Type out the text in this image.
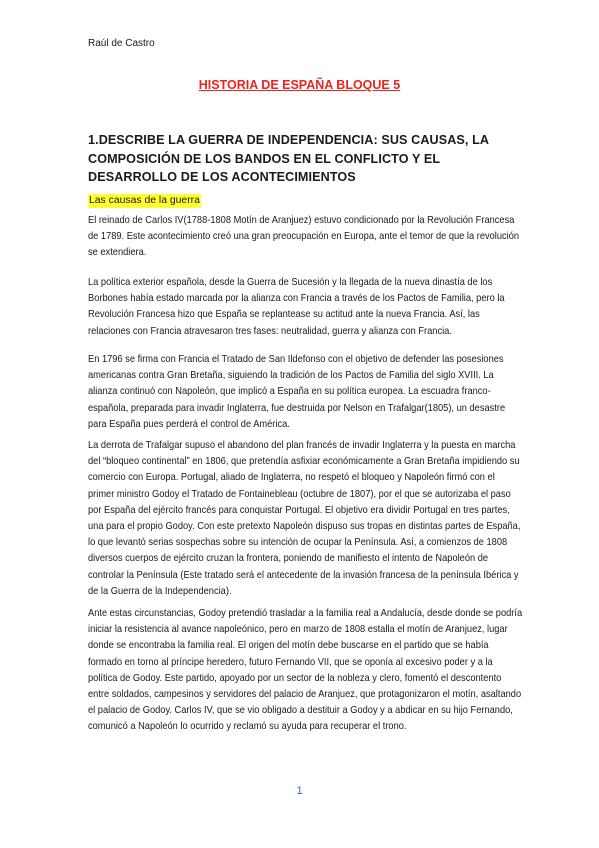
Raúl de Castro
HISTORIA DE ESPAÑA BLOQUE 5
1.DESCRIBE LA GUERRA DE INDEPENDENCIA: SUS CAUSAS, LA COMPOSICIÓN DE LOS BANDOS EN EL CONFLICTO Y EL DESARROLLO DE LOS ACONTECIMIENTOS
Las causas de la guerra

El reinado de Carlos IV(1788-1808 Motín de Aranjuez) estuvo condicionado por la Revolución Francesa de 1789. Este acontecimiento creó una gran preocupación en Europa, ante el temor de que la revolución se extendiera.

La política exterior española, desde la Guerra de Sucesión y la llegada de la nueva dinastía de los Borbones había estado marcada por la alianza con Francia a través de los Pactos de Familia, pero la Revolución Francesa hizo que España se replantease su actitud ante la nueva Francia. Así, las relaciones con Francia atravesaron tres fases: neutralidad, guerra y alianza con Francia.

En 1796 se firma con Francia el Tratado de San Ildefonso con el objetivo de defender las posesiones americanas contra Gran Bretaña, siguiendo la tradición de los Pactos de Familia del siglo XVIII. La alianza continuó con Napoleón, que implicó a España en su política europea. La escuadra franco-española, preparada para invadir Inglaterra, fue destruida por Nelson en Trafalgar(1805), un desastre para España pues perderá el control de América.

La derrota de Trafalgar supuso el abandono del plan francés de invadir Inglaterra y la puesta en marcha del “bloqueo continental” en 1806, que pretendía asfixiar económicamente a Gran Bretaña impidiendo su comercio con Europa. Portugal, aliado de Inglaterra, no respetó el bloqueo y Napoleón firmó con el primer ministro Godoy el Tratado de Fontainebleau (octubre de 1807), por el que se autorizaba el paso por España del ejército francés para conquistar Portugal. El objetivo era dividir Portugal en tres partes, una para el propio Godoy. Con este pretexto Napoleón dispuso sus tropas en distintas partes de España, lo que levantó serias sospechas sobre su intención de ocupar la Península. Así, a comienzos de 1808 diversos cuerpos de ejército cruzan la frontera, poniendo de manifiesto el intento de Napoleón de controlar la Península (Este tratado será el antecedente de la invasión francesa de la península Ibérica y de la Guerra de la Independencia).

Ante estas circunstancias, Godoy pretendió trasladar a la familia real a Andalucía, desde donde se podría iniciar la resistencia al avance napoleónico, pero en marzo de 1808 estalla el motín de Aranjuez, lugar donde se encontraba la familia real. El origen del motín debe buscarse en el partido que se había formado en torno al príncipe heredero, futuro Fernando VII, que se oponía al excesivo poder y a la política de Godoy. Este partido, apoyado por un sector de la nobleza y clero, fomentó el descontento entre soldados, campesinos y servidores del palacio de Aranjuez, que protagonizaron el motín, asaltando el palacio de Godoy. Carlos IV, que se vio obligado a destituir a Godoy y a abdicar en su hijo Fernando, comunicó a Napoleón lo ocurrido y reclamó su ayuda para recuperar el trono.

1
